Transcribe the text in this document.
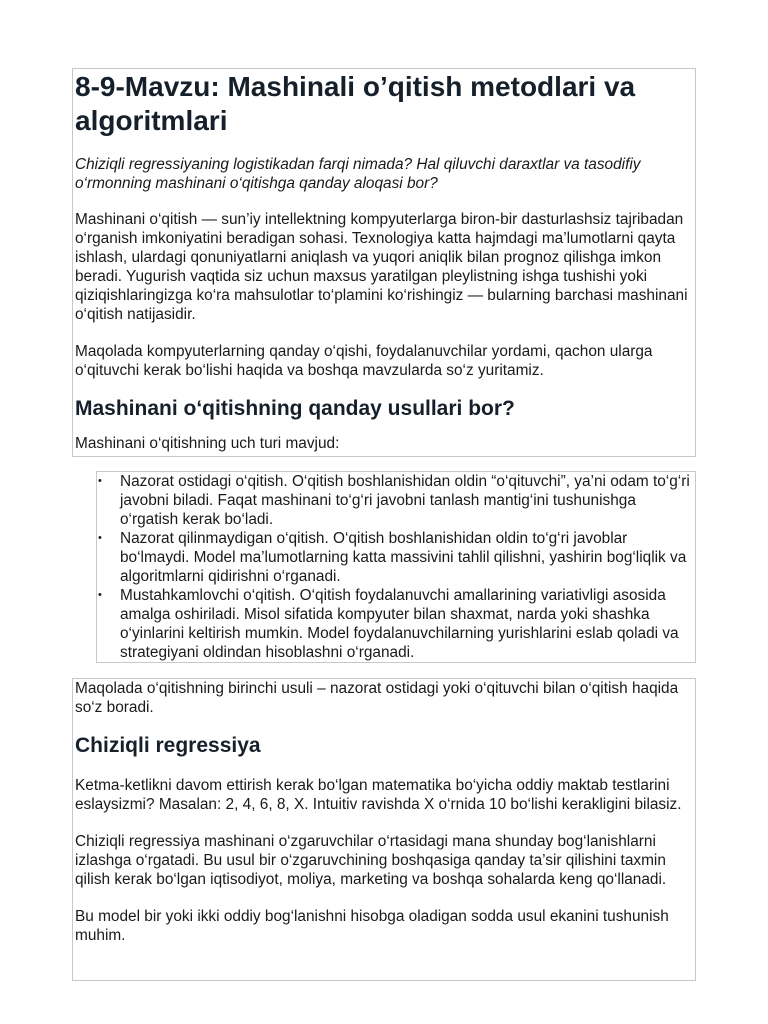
8-9-Mavzu: Mashinali o’qitish metodlari va algoritmlari

Chiziqli regressiyaning logistikadan farqi nimada? Hal qiluvchi daraxtlar va tasodifiy o‘rmonning mashinani o‘qitishga qanday aloqasi bor?

Mashinani o‘qitish — sun’iy intellektning kompyuterlarga biron-bir dasturlashsiz tajribadan o‘rganish imkoniyatini beradigan sohasi. Texnologiya katta hajmdagi ma’lumotlarni qayta ishlash, ulardagi qonuniyatlarni aniqlash va yuqori aniqlik bilan prognoz qilishga imkon beradi. Yugurish vaqtida siz uchun maxsus yaratilgan pleylistning ishga tushishi yoki qiziqishlaringizga ko‘ra mahsulotlar to‘plamini ko‘rishingiz — bularning barchasi mashinani o‘qitish natijasidir.

Maqolada kompyuterlarning qanday o‘qishi, foydalanuvchilar yordami, qachon ularga o‘qituvchi kerak bo‘lishi haqida va boshqa mavzularda so‘z yuritamiz.

Mashinani o‘qitishning qanday usullari bor?

Mashinani o‘qitishning uch turi mavjud:

• Nazorat ostidagi o‘qitish. O‘qitish boshlanishidan oldin “o‘qituvchi”, ya’ni odam to‘g‘ri javobni biladi. Faqat mashinani to‘g‘ri javobni tanlash mantig‘ini tushunishga o‘rgatish kerak bo‘ladi.
• Nazorat qilinmaydigan o‘qitish. O‘qitish boshlanishidan oldin to‘g‘ri javoblar bo‘lmaydi. Model ma’lumotlarning katta massivini tahlil qilishni, yashirin bog‘liqlik va algoritmlarni qidirishni o‘rganadi.
• Mustahkamlovchi o‘qitish. O‘qitish foydalanuvchi amallarining variativligi asosida amalga oshiriladi. Misol sifatida kompyuter bilan shaxmat, narda yoki shashka o‘yinlarini keltirish mumkin. Model foydalanuvchilarning yurishlarini eslab qoladi va strategiyani oldindan hisoblashni o‘rganadi.

Maqolada o‘qitishning birinchi usuli – nazorat ostidagi yoki o‘qituvchi bilan o‘qitish haqida so‘z boradi.

Chiziqli regressiya

Ketma-ketlikni davom ettirish kerak bo‘lgan matematika bo‘yicha oddiy maktab testlarini eslaysizmi? Masalan: 2, 4, 6, 8, X. Intuitiv ravishda X o‘rnida 10 bo‘lishi kerakligini bilasiz.

Chiziqli regressiya mashinani o‘zgaruvchilar o‘rtasidagi mana shunday bog‘lanishlarni izlashga o‘rgatadi. Bu usul bir o‘zgaruvchining boshqasiga qanday ta’sir qilishini taxmin qilish kerak bo‘lgan iqtisodiyot, moliya, marketing va boshqa sohalarda keng qo‘llanadi.

Bu model bir yoki ikki oddiy bog‘lanishni hisobga oladigan sodda usul ekanini tushunish muhim.
